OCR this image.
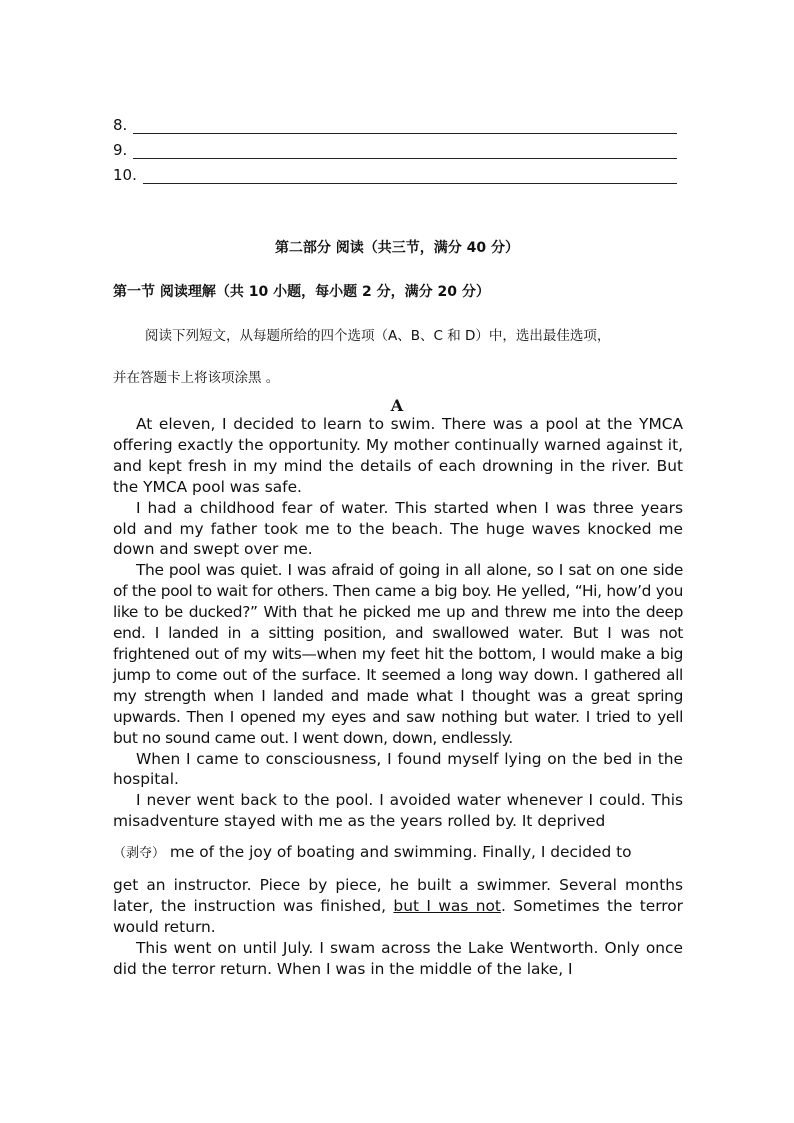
8.
9.
10.
第二部分 阅读（共三节，满分 40 分）
第一节 阅读理解（共 10 小题，每小题 2 分，满分 20 分）
阅读下列短文，从每题所给的四个选项（A、B、C 和 D）中，选出最佳选项，
并在答题卡上将该项涂黑 。
A

At eleven, I decided to learn to swim. There was a pool at the YMCA offering exactly the opportunity. My mother continually warned against it, and kept fresh in my mind the details of each drowning in the river. But the YMCA pool was safe.

I had a childhood fear of water. This started when I was three years old and my father took me to the beach. The huge waves knocked me down and swept over me.

The pool was quiet. I was afraid of going in all alone, so I sat on one side of the pool to wait for others. Then came a big boy. He yelled, “Hi, how’d you like to be ducked?” With that he picked me up and threw me into the deep end. I landed in a sitting position, and swallowed water. But I was not frightened out of my wits—when my feet hit the bottom, I would make a big jump to come out of the surface. It seemed a long way down. I gathered all my strength when I landed and made what I thought was a great spring upwards. Then I opened my eyes and saw nothing but water. I tried to yell but no sound came out. I went down, down, endlessly.

When I came to consciousness, I found myself lying on the bed in the hospital.

I never went back to the pool. I avoided water whenever I could. This misadventure stayed with me as the years rolled by. It deprived

（剥夺） me of the joy of boating and swimming. Finally, I decided to

get an instructor. Piece by piece, he built a swimmer. Several months later, the instruction was finished, but I was not. Sometimes the terror would return.

This went on until July. I swam across the Lake Wentworth. Only once did the terror return. When I was in the middle of the lake, I
